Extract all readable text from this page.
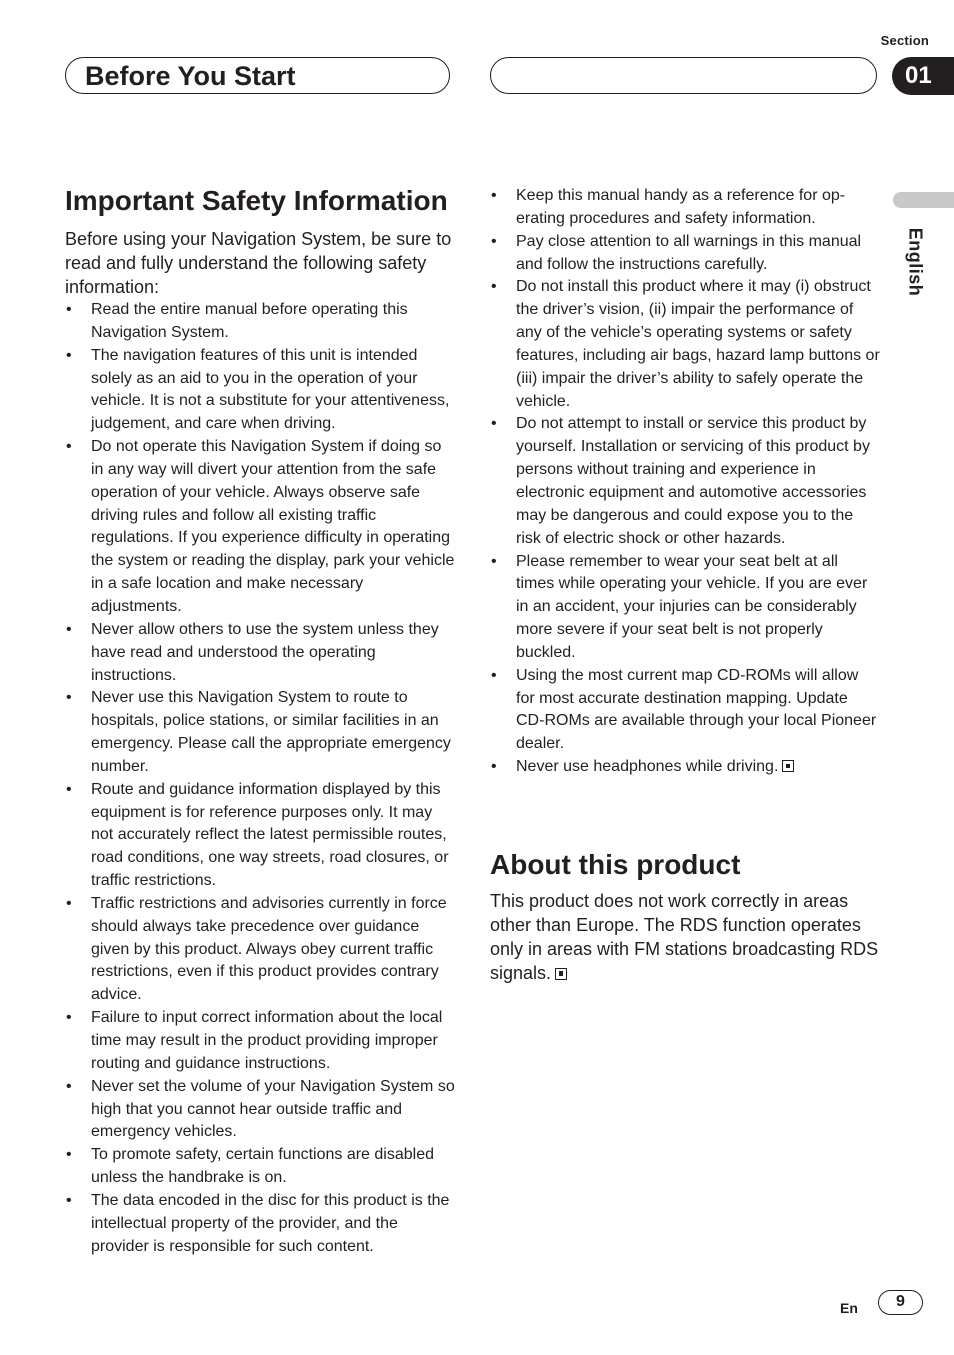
Section
Before You Start	01
English
Important Safety Information

Before using your Navigation System, be sure to read and fully understand the following safety information:

• Read the entire manual before operating this Navigation System.
• The navigation features of this unit is intended solely as an aid to you in the operation of your vehicle. It is not a substitute for your attentiveness, judgement, and care when driving.
• Do not operate this Navigation System if doing so in any way will divert your attention from the safe operation of your vehicle. Always observe safe driving rules and follow all existing traffic regulations. If you experience difficulty in operating the system or reading the display, park your vehicle in a safe location and make necessary adjustments.
• Never allow others to use the system unless they have read and understood the operating instructions.
• Never use this Navigation System to route to hospitals, police stations, or similar facilities in an emergency. Please call the appropriate emergency number.
• Route and guidance information displayed by this equipment is for reference purposes only. It may not accurately reflect the latest permissible routes, road conditions, one way streets, road closures, or traffic restrictions.
• Traffic restrictions and advisories currently in force should always take precedence over guidance given by this product. Always obey current traffic restrictions, even if this product provides contrary advice.
• Failure to input correct information about the local time may result in the product providing improper routing and guidance instructions.
• Never set the volume of your Navigation System so high that you cannot hear outside traffic and emergency vehicles.
• To promote safety, certain functions are disabled unless the handbrake is on.
• The data encoded in the disc for this product is the intellectual property of the provider, and the provider is responsible for such content.
• Keep this manual handy as a reference for operating procedures and safety information.
• Pay close attention to all warnings in this manual and follow the instructions carefully.
• Do not install this product where it may (i) obstruct the driver’s vision, (ii) impair the performance of any of the vehicle’s operating systems or safety features, including air bags, hazard lamp buttons or (iii) impair the driver’s ability to safely operate the vehicle.
• Do not attempt to install or service this product by yourself. Installation or servicing of this product by persons without training and experience in electronic equipment and automotive accessories may be dangerous and could expose you to the risk of electric shock or other hazards.
• Please remember to wear your seat belt at all times while operating your vehicle. If you are ever in an accident, your injuries can be considerably more severe if your seat belt is not properly buckled.
• Using the most current map CD-ROMs will allow for most accurate destination mapping. Update CD-ROMs are available through your local Pioneer dealer.
• Never use headphones while driving.
About this product

This product does not work correctly in areas other than Europe. The RDS function operates only in areas with FM stations broadcasting RDS signals.

En	9
